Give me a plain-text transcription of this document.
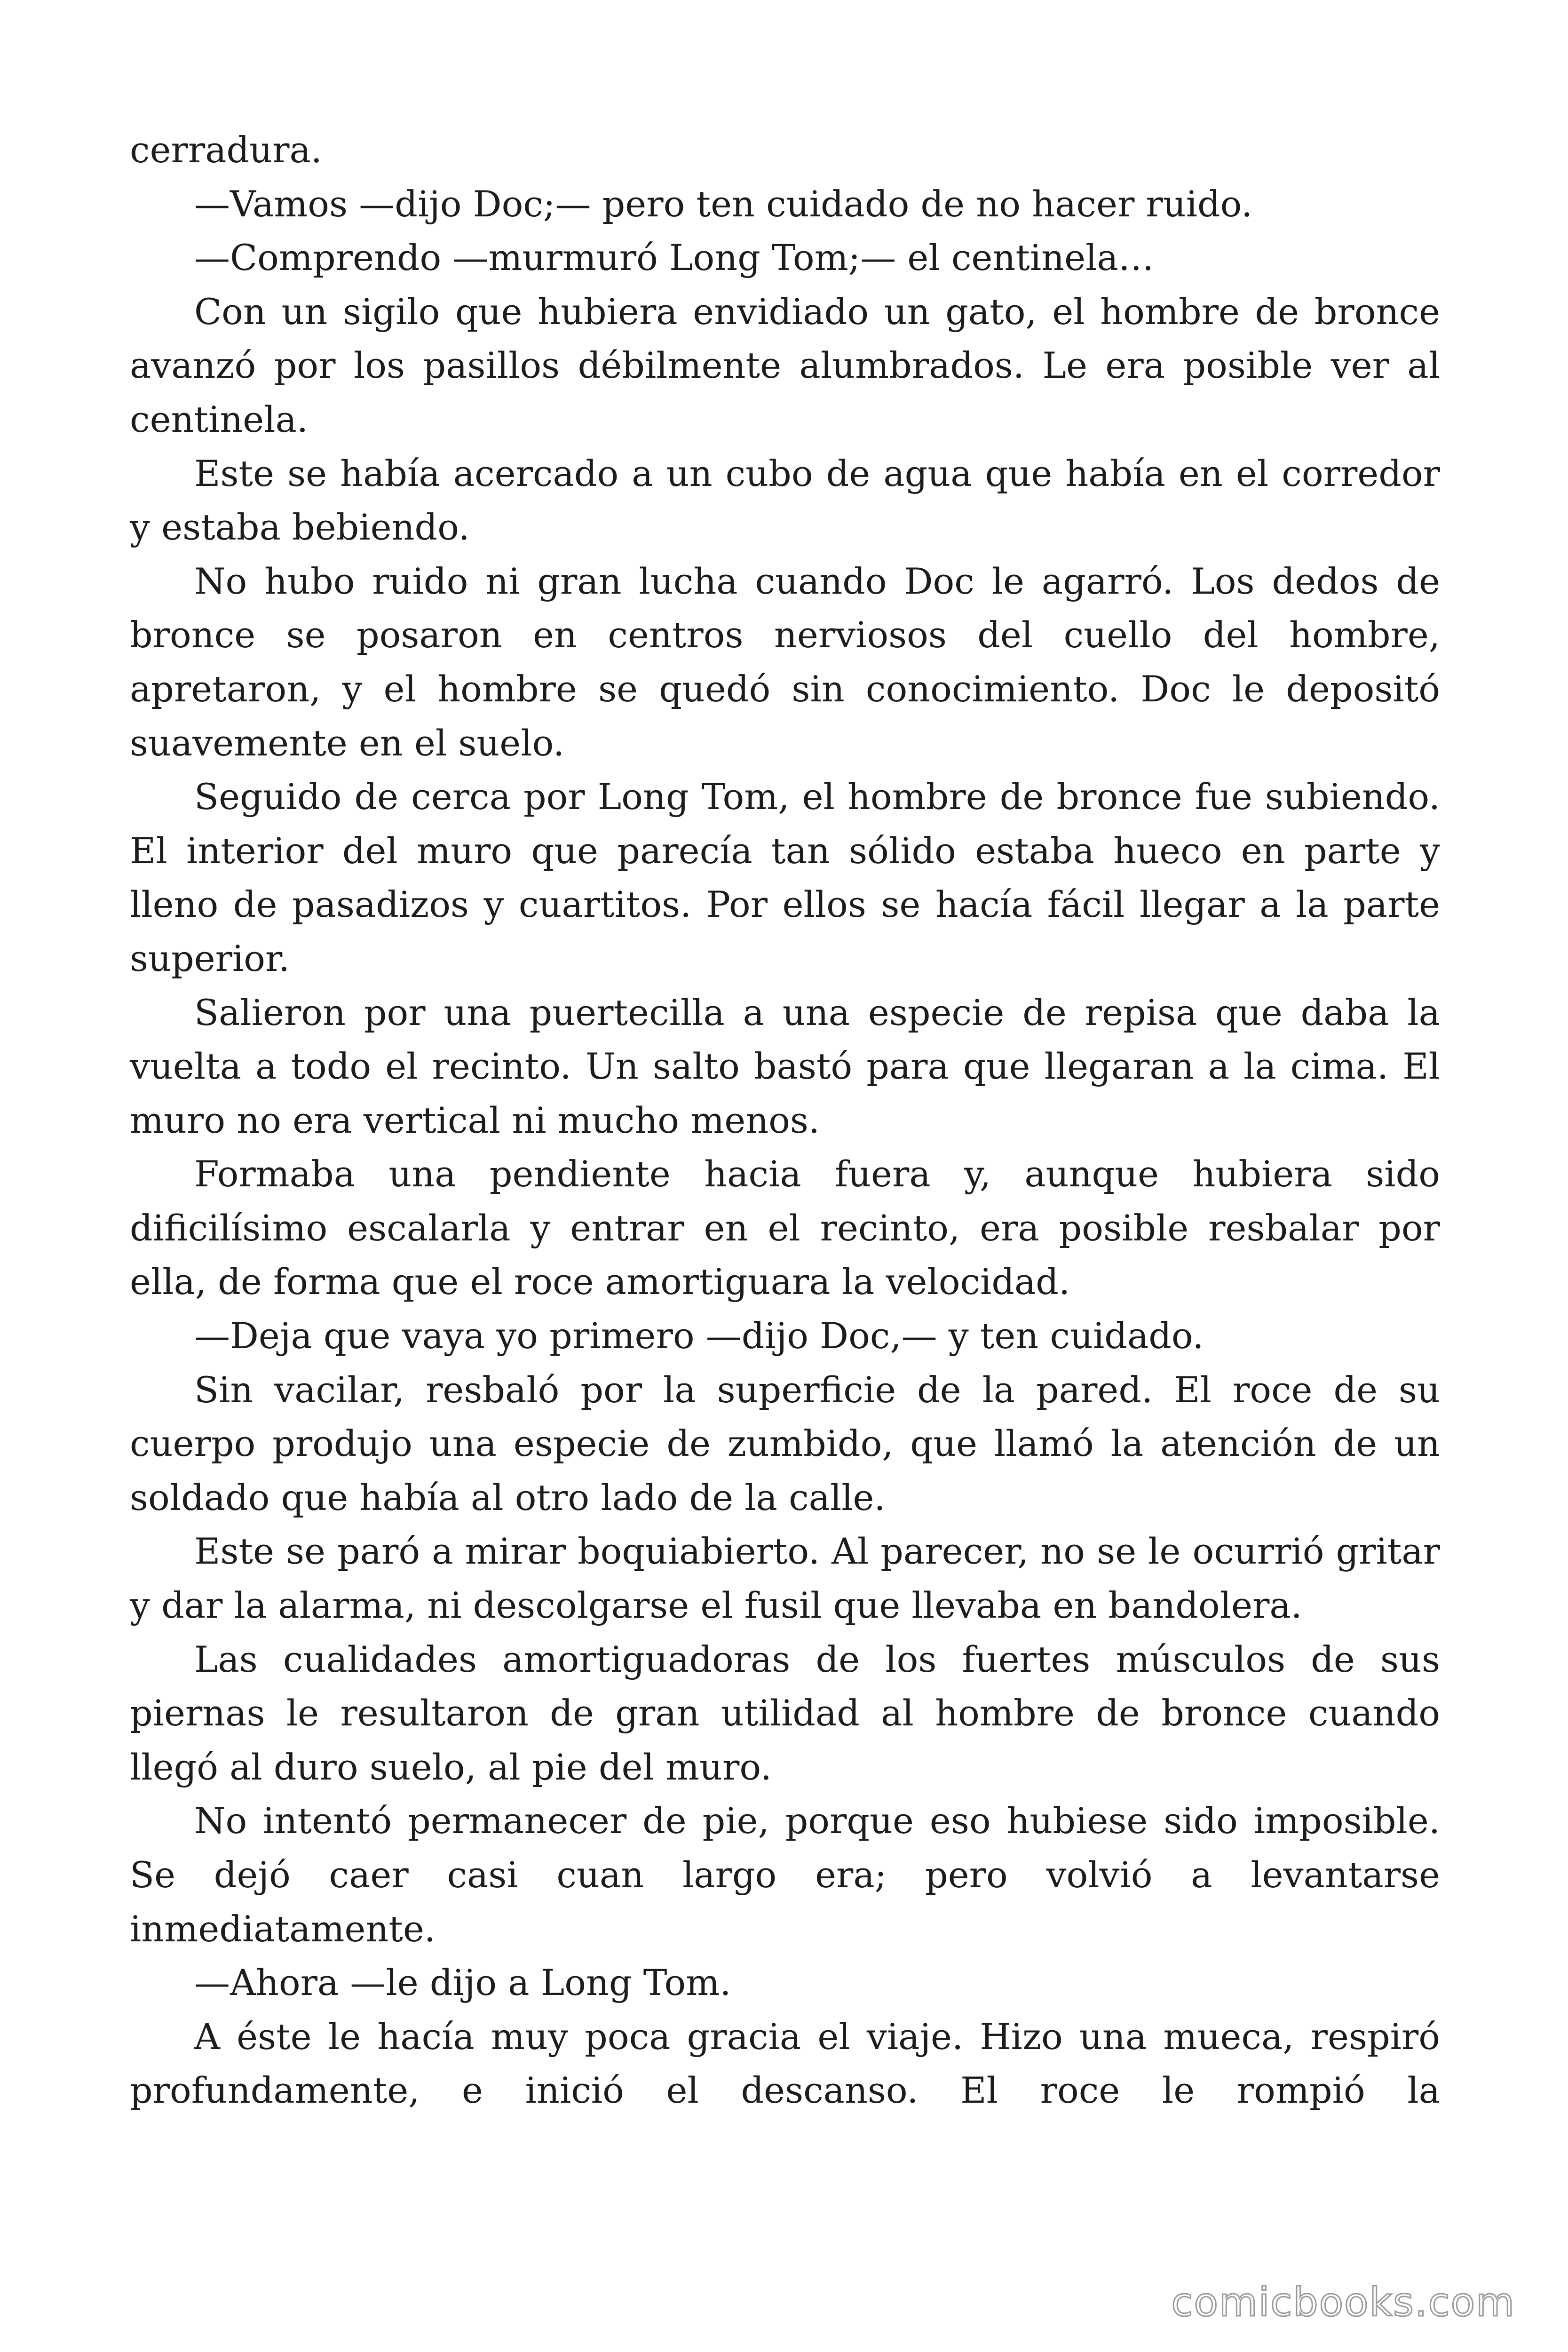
cerradura.

—Vamos —dijo Doc;— pero ten cuidado de no hacer ruido.

—Comprendo —murmuró Long Tom;— el centinela…

Con un sigilo que hubiera envidiado un gato, el hombre de bronce avanzó por los pasillos débilmente alumbrados. Le era posible ver al centinela.

Este se había acercado a un cubo de agua que había en el corredor y estaba bebiendo.

No hubo ruido ni gran lucha cuando Doc le agarró. Los dedos de bronce se posaron en centros nerviosos del cuello del hombre, apretaron, y el hombre se quedó sin conocimiento. Doc le depositó suavemente en el suelo.

Seguido de cerca por Long Tom, el hombre de bronce fue subiendo. El interior del muro que parecía tan sólido estaba hueco en parte y lleno de pasadizos y cuartitos. Por ellos se hacía fácil llegar a la parte superior.

Salieron por una puertecilla a una especie de repisa que daba la vuelta a todo el recinto. Un salto bastó para que llegaran a la cima. El muro no era vertical ni mucho menos.

Formaba una pendiente hacia fuera y, aunque hubiera sido dificilísimo escalarla y entrar en el recinto, era posible resbalar por ella, de forma que el roce amortiguara la velocidad.

—Deja que vaya yo primero —dijo Doc,— y ten cuidado.

Sin vacilar, resbaló por la superficie de la pared. El roce de su cuerpo produjo una especie de zumbido, que llamó la atención de un soldado que había al otro lado de la calle.

Este se paró a mirar boquiabierto. Al parecer, no se le ocurrió gritar y dar la alarma, ni descolgarse el fusil que llevaba en bandolera.

Las cualidades amortiguadoras de los fuertes músculos de sus piernas le resultaron de gran utilidad al hombre de bronce cuando llegó al duro suelo, al pie del muro.

No intentó permanecer de pie, porque eso hubiese sido imposible. Se dejó caer casi cuan largo era; pero volvió a levantarse inmediatamente.

—Ahora —le dijo a Long Tom.

A éste le hacía muy poca gracia el viaje. Hizo una mueca, respiró profundamente, e inició el descanso. El roce le rompió la

comicbooks.com
